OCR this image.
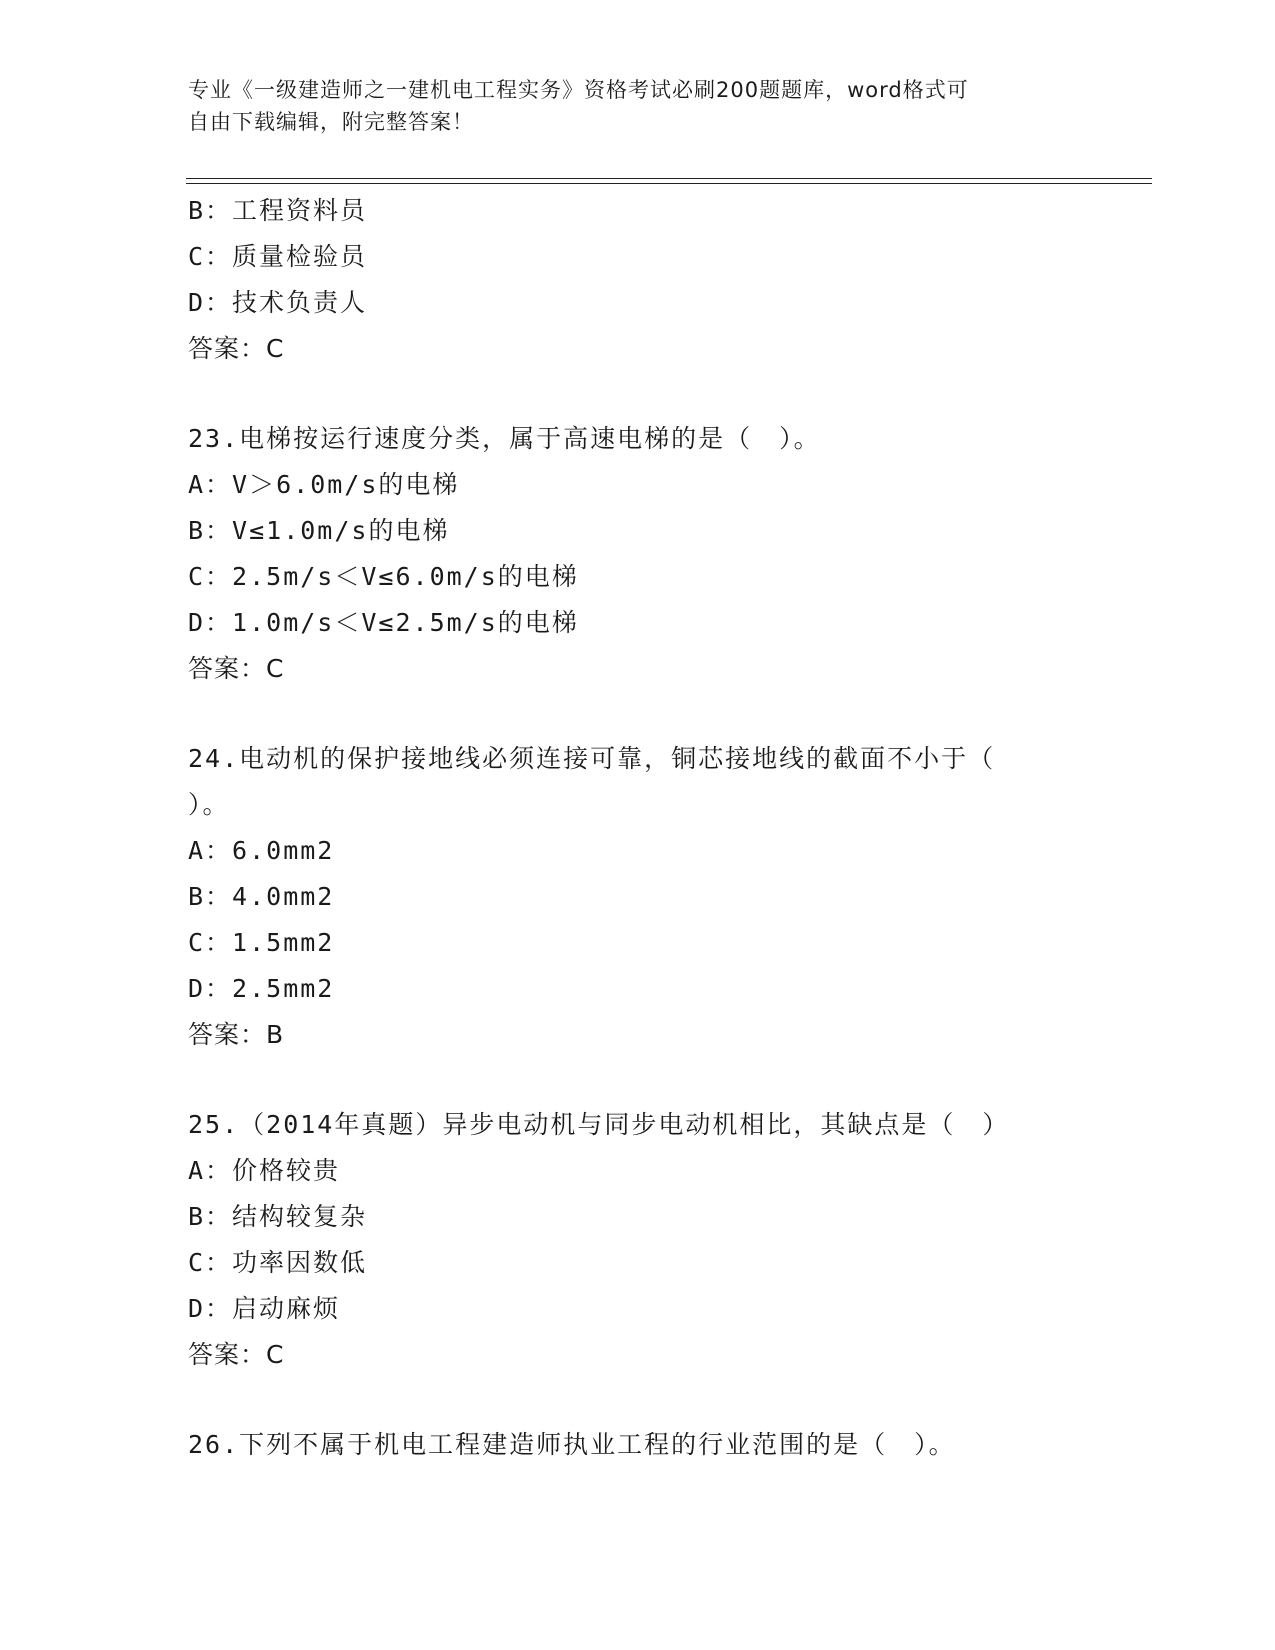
专业《一级建造师之一建机电工程实务》资格考试必刷200题题库，word格式可
自由下载编辑，附完整答案！
B：工程资料员
C：质量检验员
D：技术负责人
答案：C
23.电梯按运行速度分类，属于高速电梯的是（　）。
A：V＞6.0m/s的电梯
B：V≤1.0m/s的电梯
C：2.5m/s＜V≤6.0m/s的电梯
D：1.0m/s＜V≤2.5m/s的电梯
答案：C
24.电动机的保护接地线必须连接可靠，铜芯接地线的截面不小于（
）。
A：6.0mm2
B：4.0mm2
C：1.5mm2
D：2.5mm2
答案：B
25.（2014年真题）异步电动机与同步电动机相比，其缺点是（　）
A：价格较贵
B：结构较复杂
C：功率因数低
D：启动麻烦
答案：C
26.下列不属于机电工程建造师执业工程的行业范围的是（　）。
